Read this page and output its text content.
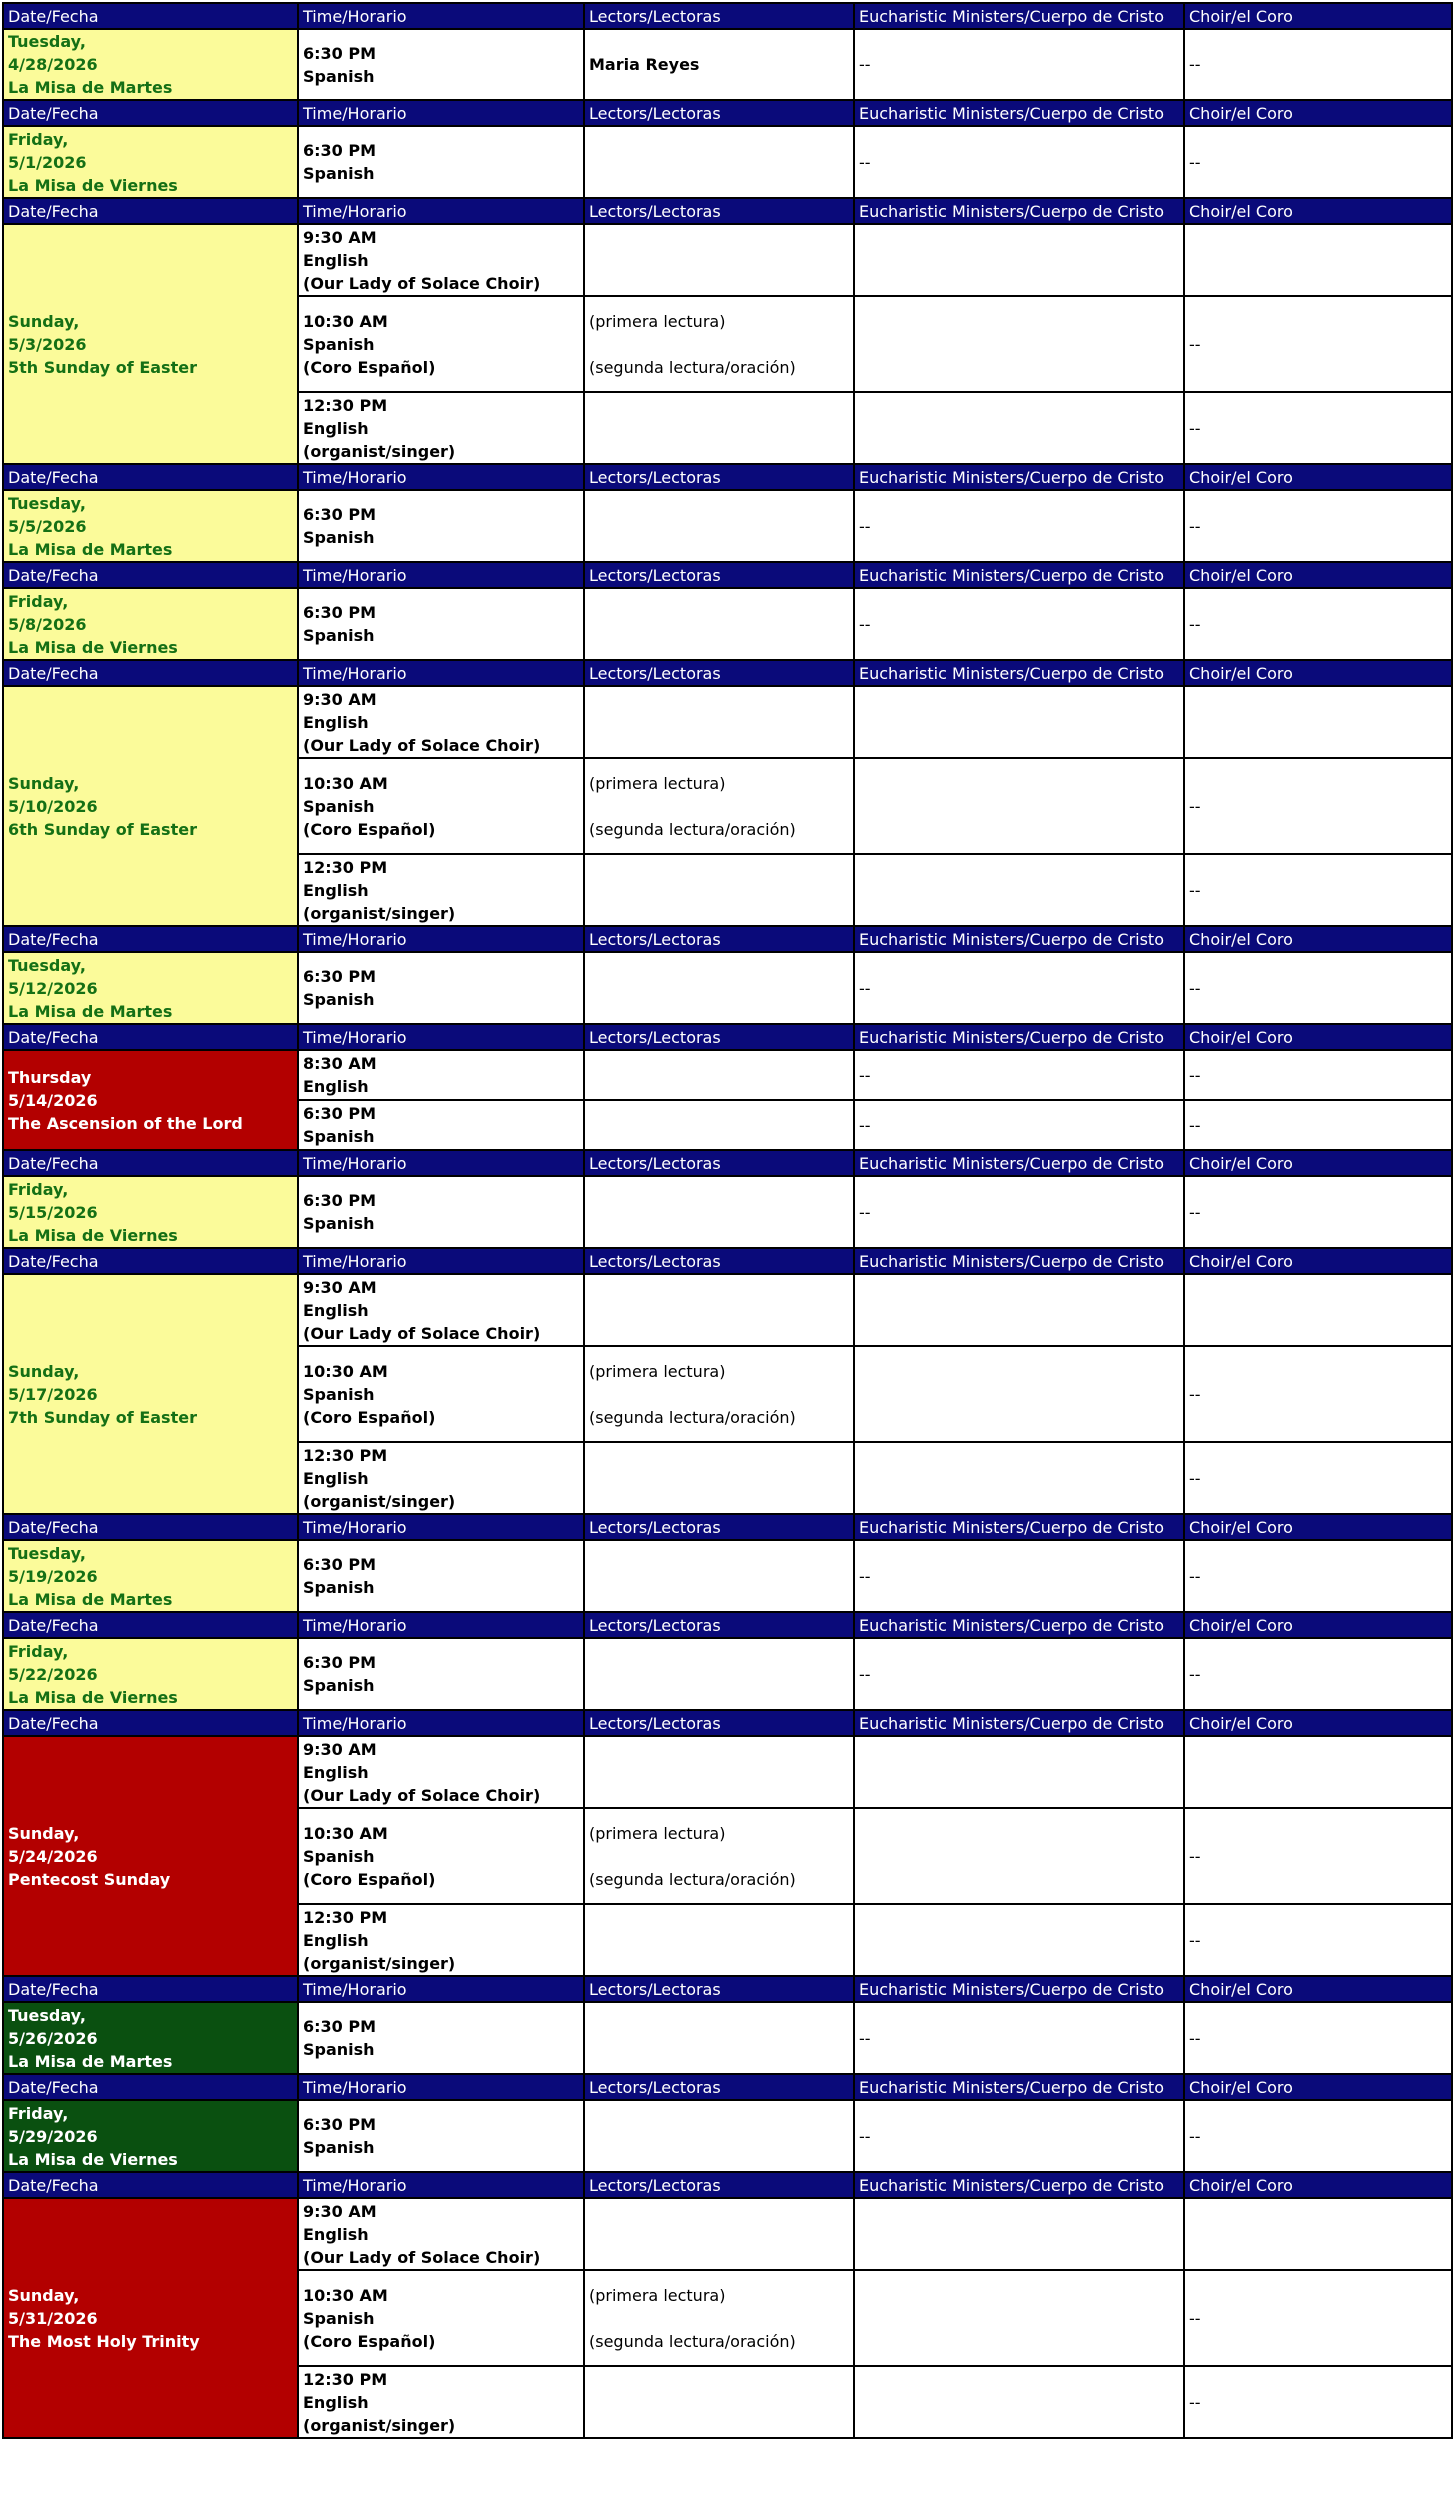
Date/Fecha	Time/Horario	Lectors/Lectoras	Eucharistic Ministers/Cuerpo de Cristo	Choir/el Coro

Tuesday,
4/28/2026
La Misa de Martes	6:30 PM
Spanish	Maria Reyes	--	--
Date/Fecha	Time/Horario	Lectors/Lectoras	Eucharistic Ministers/Cuerpo de Cristo	Choir/el Coro

Friday,
5/1/2026
La Misa de Viernes	6:30 PM
Spanish		--	--
Date/Fecha	Time/Horario	Lectors/Lectoras	Eucharistic Ministers/Cuerpo de Cristo	Choir/el Coro

Sunday,
5/3/2026
5th Sunday of Easter	9:30 AM
English
(Our Lady of Solace Choir)			

	10:30 AM
Spanish
(Coro Español)	(primera lectura)
(segunda lectura/oración)		--

	12:30 PM
English
(organist/singer)			--
Date/Fecha	Time/Horario	Lectors/Lectoras	Eucharistic Ministers/Cuerpo de Cristo	Choir/el Coro

Tuesday,
5/5/2026
La Misa de Martes	6:30 PM
Spanish		--	--
Date/Fecha	Time/Horario	Lectors/Lectoras	Eucharistic Ministers/Cuerpo de Cristo	Choir/el Coro

Friday,
5/8/2026
La Misa de Viernes	6:30 PM
Spanish		--	--
Date/Fecha	Time/Horario	Lectors/Lectoras	Eucharistic Ministers/Cuerpo de Cristo	Choir/el Coro

Sunday,
5/10/2026
6th Sunday of Easter	9:30 AM
English
(Our Lady of Solace Choir)			

	10:30 AM
Spanish
(Coro Español)	(primera lectura)
(segunda lectura/oración)		--

	12:30 PM
English
(organist/singer)			--
Date/Fecha	Time/Horario	Lectors/Lectoras	Eucharistic Ministers/Cuerpo de Cristo	Choir/el Coro

Tuesday,
5/12/2026
La Misa de Martes	6:30 PM
Spanish		--	--
Date/Fecha	Time/Horario	Lectors/Lectoras	Eucharistic Ministers/Cuerpo de Cristo	Choir/el Coro

Thursday
5/14/2026
The Ascension of the Lord	8:30 AM
English		--	--

	6:30 PM
Spanish		--	--
Date/Fecha	Time/Horario	Lectors/Lectoras	Eucharistic Ministers/Cuerpo de Cristo	Choir/el Coro

Friday,
5/15/2026
La Misa de Viernes	6:30 PM
Spanish		--	--
Date/Fecha	Time/Horario	Lectors/Lectoras	Eucharistic Ministers/Cuerpo de Cristo	Choir/el Coro

Sunday,
5/17/2026
7th Sunday of Easter	9:30 AM
English
(Our Lady of Solace Choir)			

	10:30 AM
Spanish
(Coro Español)	(primera lectura)
(segunda lectura/oración)		--

	12:30 PM
English
(organist/singer)			--
Date/Fecha	Time/Horario	Lectors/Lectoras	Eucharistic Ministers/Cuerpo de Cristo	Choir/el Coro

Tuesday,
5/19/2026
La Misa de Martes	6:30 PM
Spanish		--	--
Date/Fecha	Time/Horario	Lectors/Lectoras	Eucharistic Ministers/Cuerpo de Cristo	Choir/el Coro

Friday,
5/22/2026
La Misa de Viernes	6:30 PM
Spanish		--	--
Date/Fecha	Time/Horario	Lectors/Lectoras	Eucharistic Ministers/Cuerpo de Cristo	Choir/el Coro

Sunday,
5/24/2026
Pentecost Sunday	9:30 AM
English
(Our Lady of Solace Choir)			

	10:30 AM
Spanish
(Coro Español)	(primera lectura)
(segunda lectura/oración)		--

	12:30 PM
English
(organist/singer)			--
Date/Fecha	Time/Horario	Lectors/Lectoras	Eucharistic Ministers/Cuerpo de Cristo	Choir/el Coro

Tuesday,
5/26/2026
La Misa de Martes	6:30 PM
Spanish		--	--
Date/Fecha	Time/Horario	Lectors/Lectoras	Eucharistic Ministers/Cuerpo de Cristo	Choir/el Coro

Friday,
5/29/2026
La Misa de Viernes	6:30 PM
Spanish		--	--
Date/Fecha	Time/Horario	Lectors/Lectoras	Eucharistic Ministers/Cuerpo de Cristo	Choir/el Coro

Sunday,
5/31/2026
The Most Holy Trinity	9:30 AM
English
(Our Lady of Solace Choir)			

	10:30 AM
Spanish
(Coro Español)	(primera lectura)
(segunda lectura/oración)		--

	12:30 PM
English
(organist/singer)			--
